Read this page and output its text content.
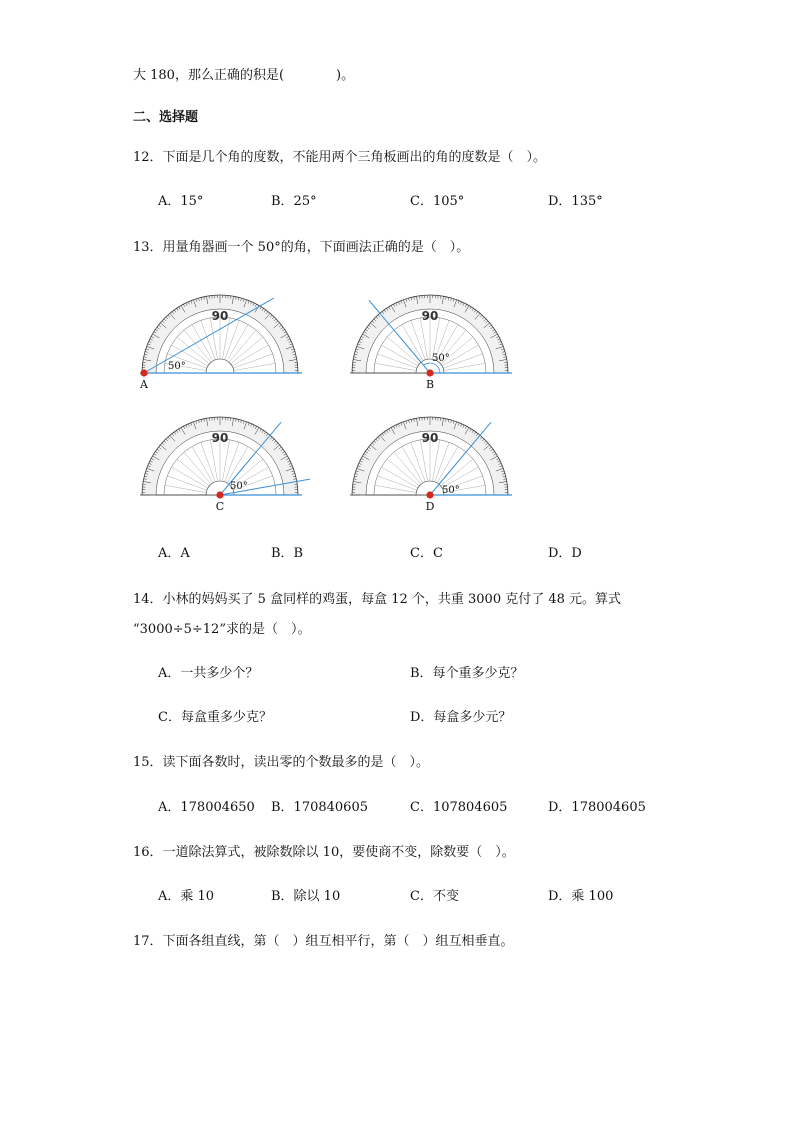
大 180，那么正确的积是(　　　　)。
二、选择题
12．下面是几个角的度数，不能用两个三角板画出的角的度数是（　）。
A．15°	B．25°	C．105°	D．135°
13．用量角器画一个 50°的角，下面画法正确的是（　）。
90
50°
A
90
50°
B
90
50°
C
90
50°
D
A．A	B．B	C．C	D．D
14．小林的妈妈买了 5 盒同样的鸡蛋，每盒 12 个，共重 3000 克付了 48 元。算式
“3000÷5÷12”求的是（　）。
A．一共多少个？	B．每个重多少克？
C．每盒重多少克？	D．每盒多少元？
15．读下面各数时，读出零的个数最多的是（　）。
A．178004650 B．170840605	C．107804605	D．178004605
16．一道除法算式，被除数除以 10，要使商不变，除数要（　）。
A．乘 10	B．除以 10	C．不变	D．乘 100
17．下面各组直线，第（　）组互相平行，第（　）组互相垂直。
